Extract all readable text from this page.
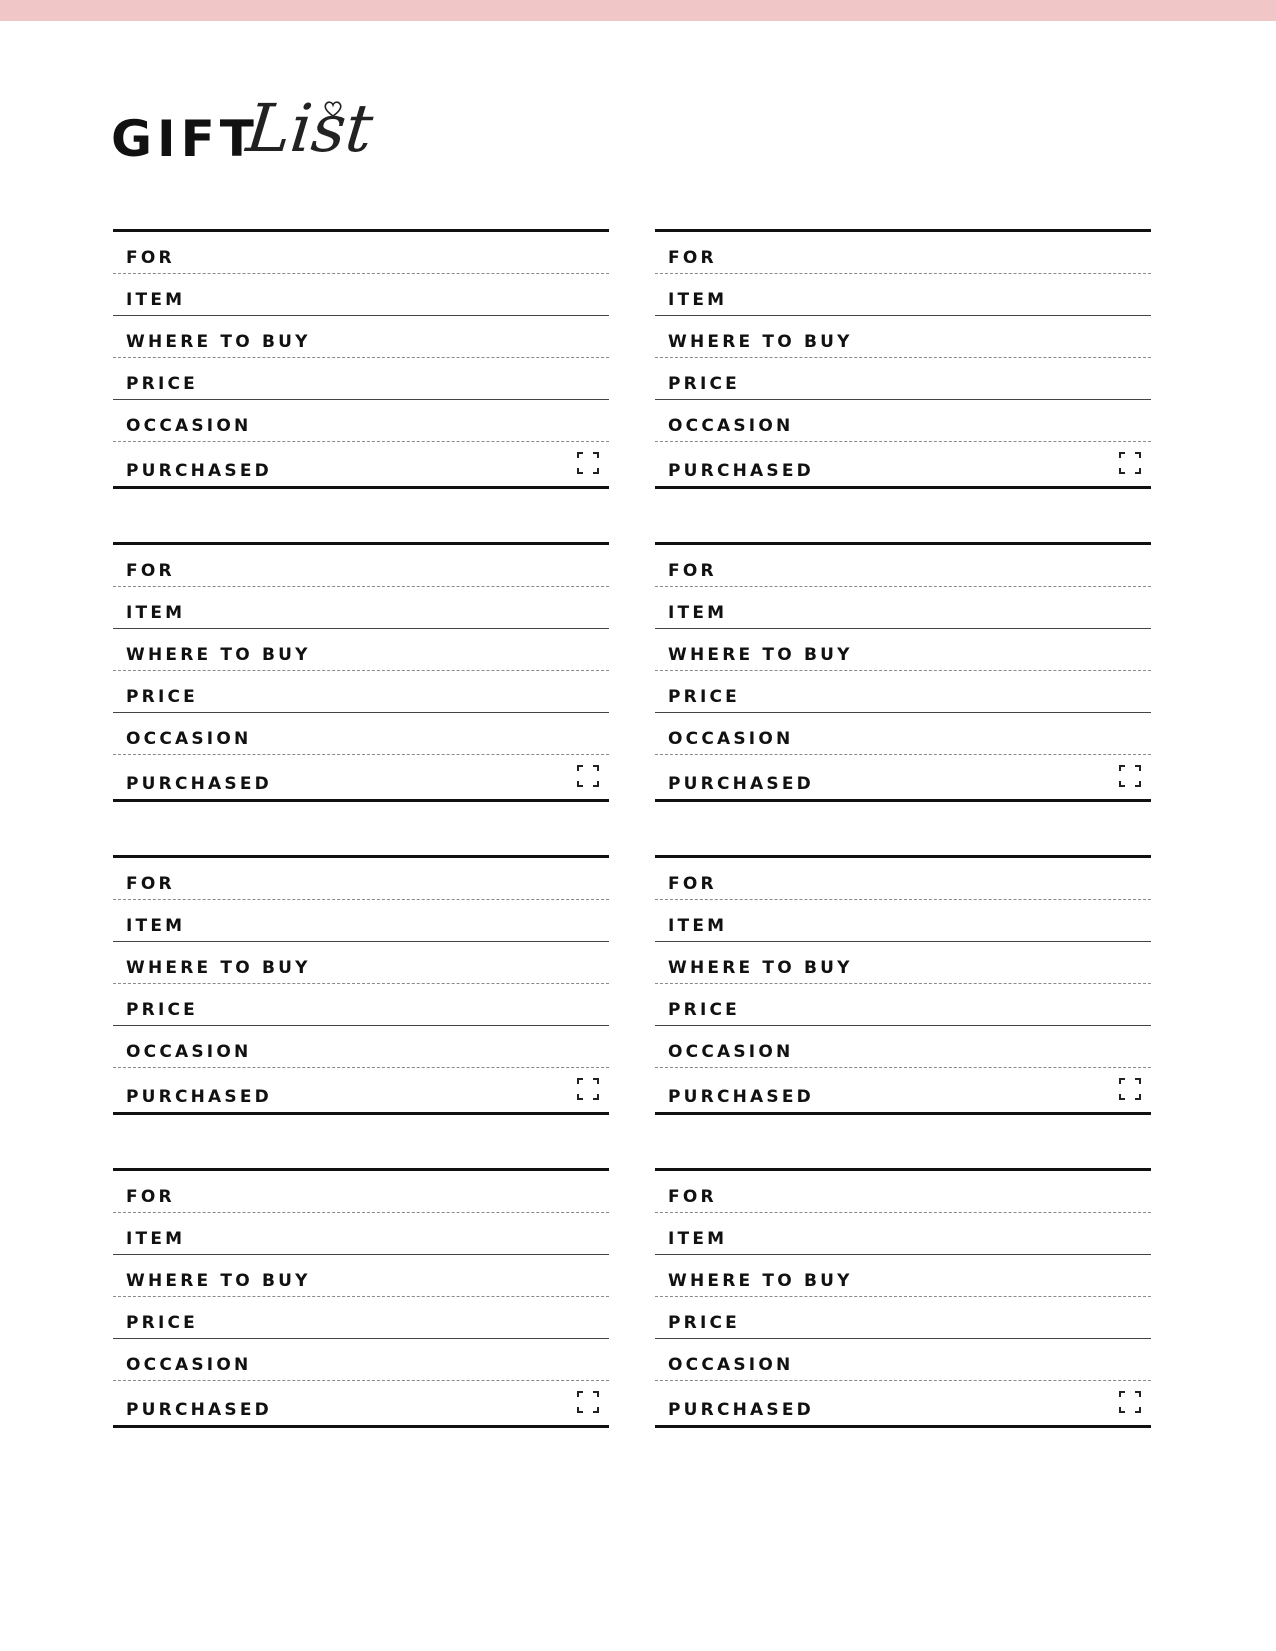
GIFT
List
FOR
ITEM
WHERE TO BUY
PRICE
OCCASION
PURCHASED
FOR
ITEM
WHERE TO BUY
PRICE
OCCASION
PURCHASED
FOR
ITEM
WHERE TO BUY
PRICE
OCCASION
PURCHASED
FOR
ITEM
WHERE TO BUY
PRICE
OCCASION
PURCHASED
FOR
ITEM
WHERE TO BUY
PRICE
OCCASION
PURCHASED
FOR
ITEM
WHERE TO BUY
PRICE
OCCASION
PURCHASED
FOR
ITEM
WHERE TO BUY
PRICE
OCCASION
PURCHASED
FOR
ITEM
WHERE TO BUY
PRICE
OCCASION
PURCHASED
